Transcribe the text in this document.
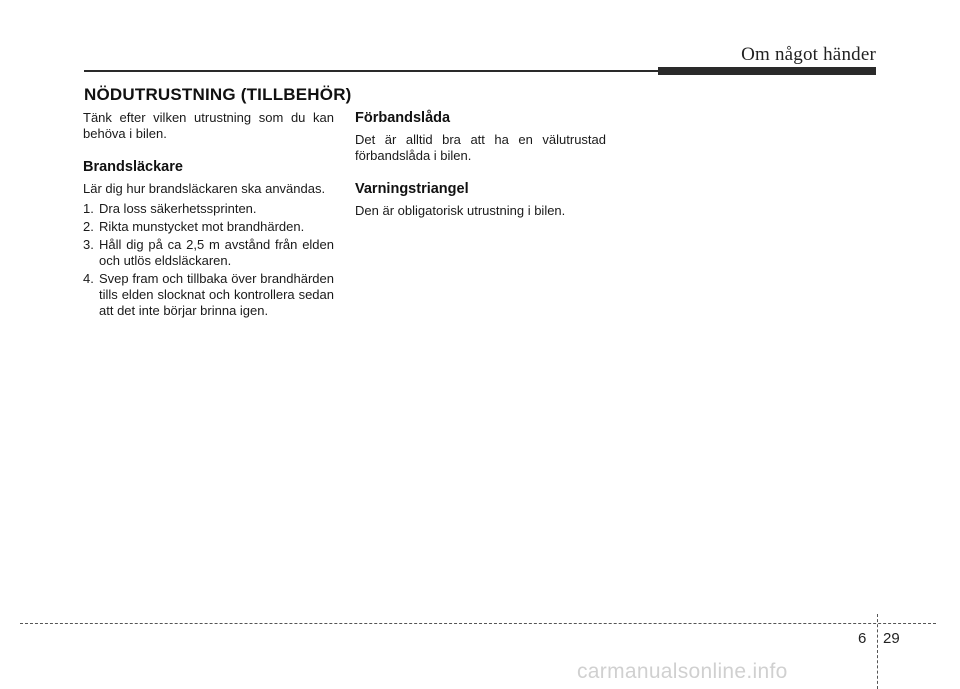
Om något händer
NÖDUTRUSTNING (TILLBEHÖR)

Tänk efter vilken utrustning som du kan behöva i bilen.

Brandsläckare

Lär dig hur brandsläckaren ska användas.

1. Dra loss säkerhetssprinten.
2. Rikta munstycket mot brandhärden.
3. Håll dig på ca 2,5 m avstånd från elden och utlös eldsläckaren.
4. Svep fram och tillbaka över brandhärden tills elden slocknat och kontrollera sedan att det inte börjar brinna igen.
Förbandslåda

Det är alltid bra att ha en välutrustad förbandslåda i bilen.

Varningstriangel

Den är obligatorisk utrustning i bilen.

6 29
carmanualsonline.info
